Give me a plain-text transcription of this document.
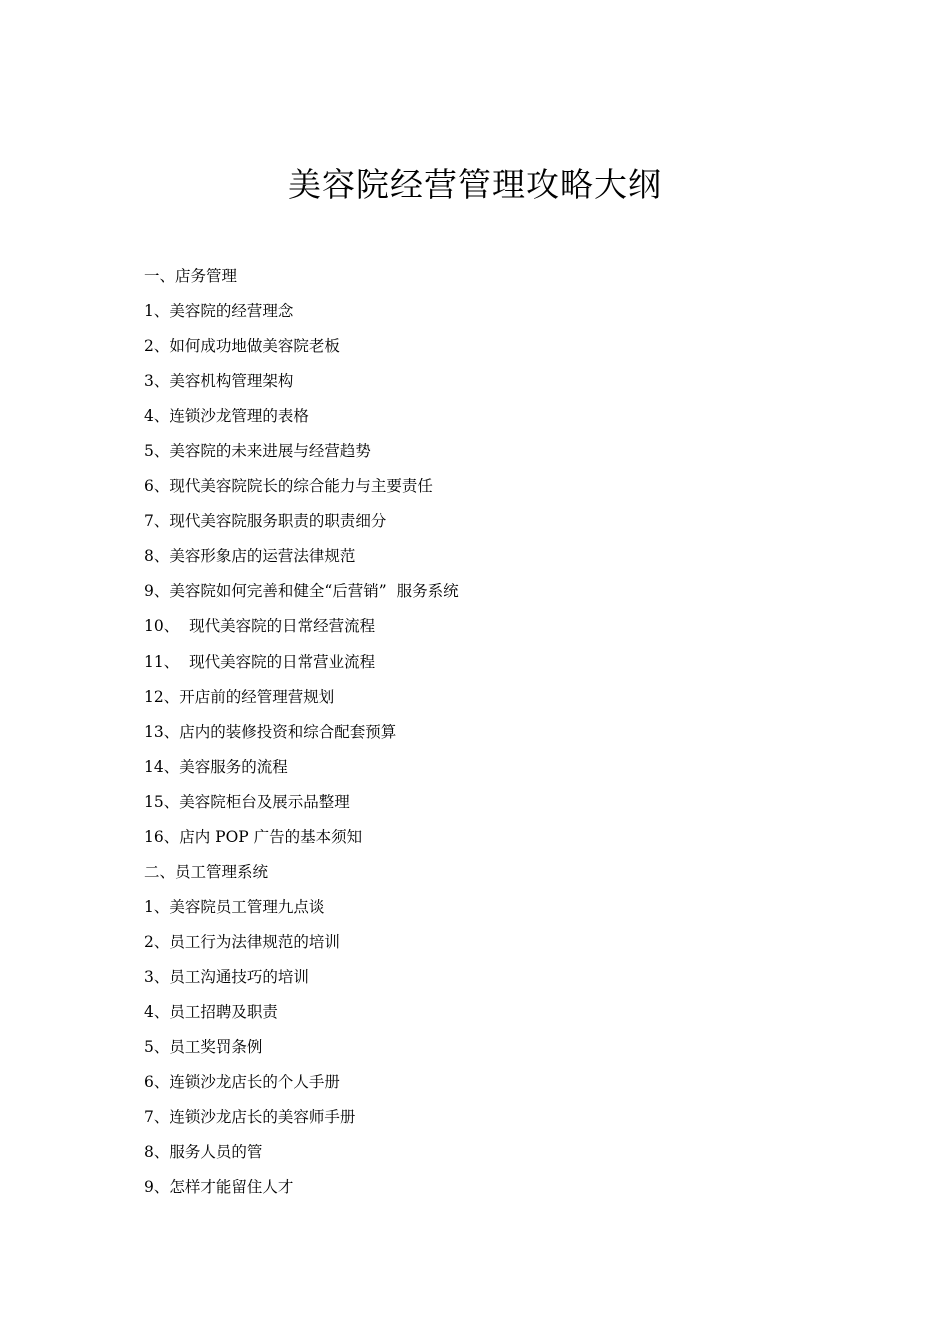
美容院经营管理攻略大纲
一、店务管理
1、美容院的经营理念
2、如何成功地做美容院老板
3、美容机构管理架构
4、连锁沙龙管理的表格
5、美容院的未来进展与经营趋势
6、现代美容院院长的综合能力与主要责任
7、现代美容院服务职责的职责细分
8、美容形象店的运营法律规范
9、美容院如何完善和健全“后营销”  服务系统
10、  现代美容院的日常经营流程
11、  现代美容院的日常营业流程
12、开店前的经管理营规划
13、店内的装修投资和综合配套预算
14、美容服务的流程
15、美容院柜台及展示品整理
16、店内 POP 广告的基本须知
二、员工管理系统
1、美容院员工管理九点谈
2、员工行为法律规范的培训
3、员工沟通技巧的培训
4、员工招聘及职责
5、员工奖罚条例
6、连锁沙龙店长的个人手册
7、连锁沙龙店长的美容师手册
8、服务人员的管
9、怎样才能留住人才
